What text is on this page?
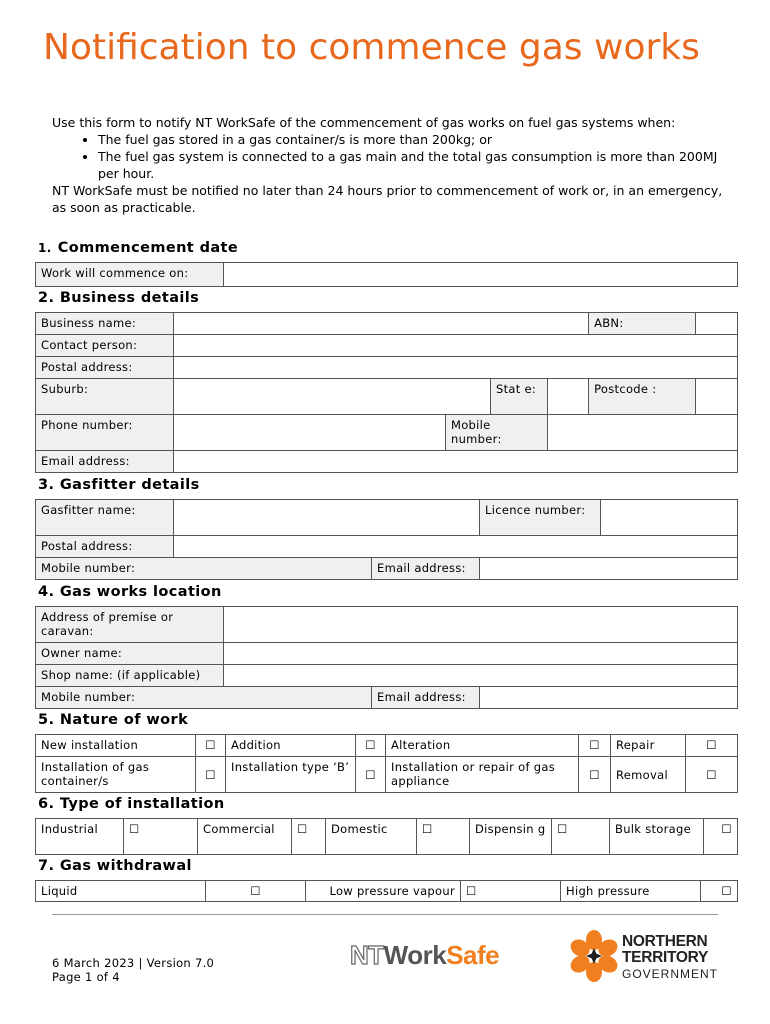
Notification to commence gas works

Use this form to notify NT WorkSafe of the commencement of gas works on fuel gas systems when:

• The fuel gas stored in a gas container/s is more than 200kg; or
• The fuel gas system is connected to a gas main and the total gas consumption is more than 200MJ per hour.

NT WorkSafe must be notified no later than 24 hours prior to commencement of work or, in an emergency, as soon as practicable.

1. Commencement date
Work will commence on:	
2. Business details
Business name:					ABN:	
Contact person:						
Postal address:						
Suburb:			Stat e:		Postcode :	
Phone number:		Mobile number:				
Email address:						
3. Gasfitter details
Gasfitter name:			Licence number:	
Postal address:				
Mobile number:		Email address:		
4. Gas works location
Address of premise or caravan:			
Owner name:			
Shop name: (if applicable)			
Mobile number:		Email address:	
5. Nature of work
New installation	☐	Addition	☐	Alteration	☐	Repair	☐
Installation of gas container/s	☐	Installation type ‘B’	☐	Installation or repair of gas appliance	☐	Removal	☐
6. Type of installation
Industrial	☐	Commercial	☐	Domestic	☐	Dispensin g	☐	Bulk storage	☐
7. Gas withdrawal
Liquid	☐	Low pressure vapour	☐	High pressure	☐
6 March 2023 | Version 7.0
Page 1 of 4
NTWorkSafe	NORTHERN
TERRITORY
GOVERNMENT
